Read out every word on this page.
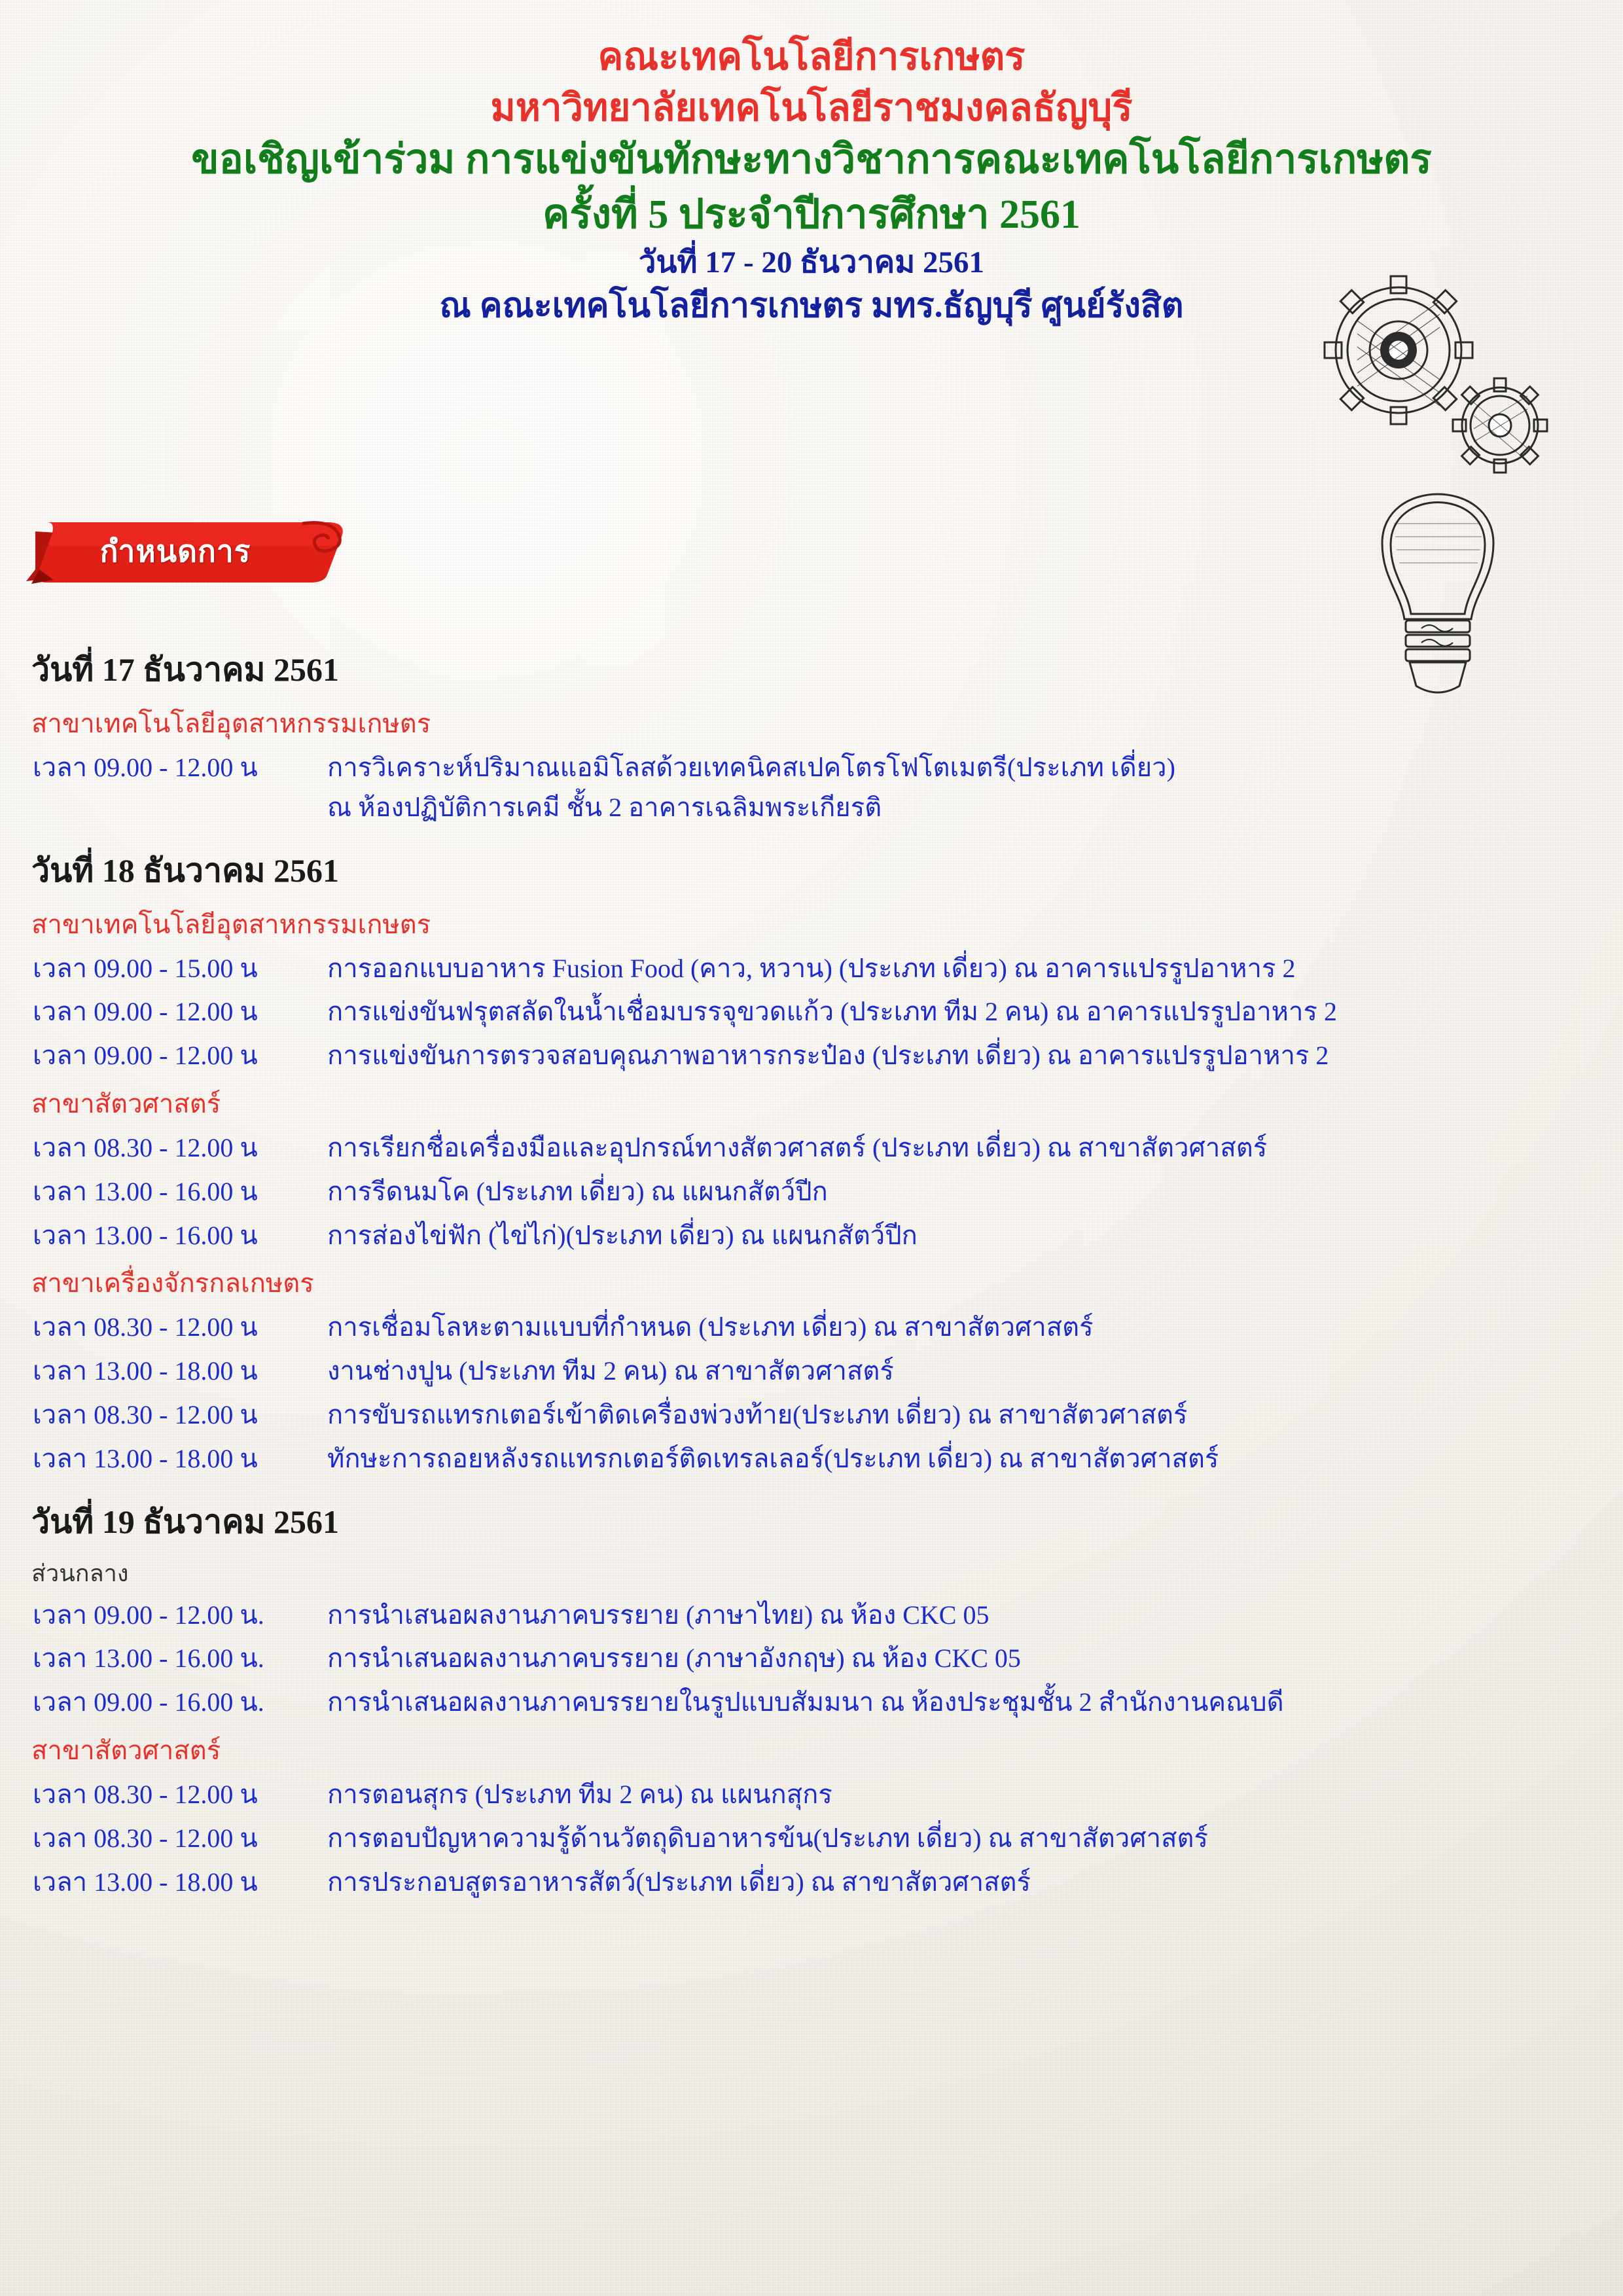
คณะเทคโนโลยีการเกษตร
มหาวิทยาลัยเทคโนโลยีราชมงคลธัญบุรี
ขอเชิญเข้าร่วม การแข่งขันทักษะทางวิชาการคณะเทคโนโลยีการเกษตร
ครั้งที่ 5 ประจำปีการศึกษา 2561
วันที่ 17 - 20 ธันวาคม 2561
ณ คณะเทคโนโลยีการเกษตร มทร.ธัญบุรี ศูนย์รังสิต
กำหนดการ
วันที่ 17 ธันวาคม 2561
สาขาเทคโนโลยีอุตสาหกรรมเกษตร
เวลา 09.00 - 12.00 น	การวิเคราะห์ปริมาณแอมิโลสด้วยเทคนิคสเปคโตรโฟโตเมตรี(ประเภท เดี่ยว)
ณ ห้องปฏิบัติการเคมี ชั้น 2 อาคารเฉลิมพระเกียรติ
วันที่ 18 ธันวาคม 2561
สาขาเทคโนโลยีอุตสาหกรรมเกษตร
เวลา 09.00 - 15.00 น	การออกแบบอาหาร Fusion Food (คาว, หวาน) (ประเภท เดี่ยว) ณ อาคารแปรรูปอาหาร 2
เวลา 09.00 - 12.00 น	การแข่งขันฟรุตสลัดในน้ำเชื่อมบรรจุขวดแก้ว (ประเภท ทีม 2 คน) ณ อาคารแปรรูปอาหาร 2
เวลา 09.00 - 12.00 น	การแข่งขันการตรวจสอบคุณภาพอาหารกระป๋อง (ประเภท เดี่ยว) ณ อาคารแปรรูปอาหาร 2
สาขาสัตวศาสตร์
เวลา 08.30 - 12.00 น	การเรียกชื่อเครื่องมือและอุปกรณ์ทางสัตวศาสตร์ (ประเภท เดี่ยว) ณ สาขาสัตวศาสตร์
เวลา 13.00 - 16.00 น	การรีดนมโค (ประเภท เดี่ยว) ณ แผนกสัตว์ปีก
เวลา 13.00 - 16.00 น	การส่องไข่ฟัก (ไข่ไก่)(ประเภท เดี่ยว) ณ แผนกสัตว์ปีก
สาขาเครื่องจักรกลเกษตร
เวลา 08.30 - 12.00 น	การเชื่อมโลหะตามแบบที่กำหนด (ประเภท เดี่ยว) ณ สาขาสัตวศาสตร์
เวลา 13.00 - 18.00 น	งานช่างปูน (ประเภท ทีม 2 คน) ณ สาขาสัตวศาสตร์
เวลา 08.30 - 12.00 น	การขับรถแทรกเตอร์เข้าติดเครื่องพ่วงท้าย(ประเภท เดี่ยว) ณ สาขาสัตวศาสตร์
เวลา 13.00 - 18.00 น	ทักษะการถอยหลังรถแทรกเตอร์ติดเทรลเลอร์(ประเภท เดี่ยว) ณ สาขาสัตวศาสตร์
วันที่ 19 ธันวาคม 2561
ส่วนกลาง
เวลา 09.00 - 12.00 น. การนำเสนอผลงานภาคบรรยาย (ภาษาไทย) ณ ห้อง CKC 05
เวลา 13.00 - 16.00 น. การนำเสนอผลงานภาคบรรยาย (ภาษาอังกฤษ) ณ ห้อง CKC 05
เวลา 09.00 - 16.00 น. การนำเสนอผลงานภาคบรรยายในรูปแบบสัมมนา ณ ห้องประชุมชั้น 2 สำนักงานคณบดี
สาขาสัตวศาสตร์
เวลา 08.30 - 12.00 น	การตอนสุกร (ประเภท ทีม 2 คน) ณ แผนกสุกร
เวลา 08.30 - 12.00 น	การตอบปัญหาความรู้ด้านวัตถุดิบอาหารข้น(ประเภท เดี่ยว) ณ สาขาสัตวศาสตร์
เวลา 13.00 - 18.00 น	การประกอบสูตรอาหารสัตว์(ประเภท เดี่ยว) ณ สาขาสัตวศาสตร์
